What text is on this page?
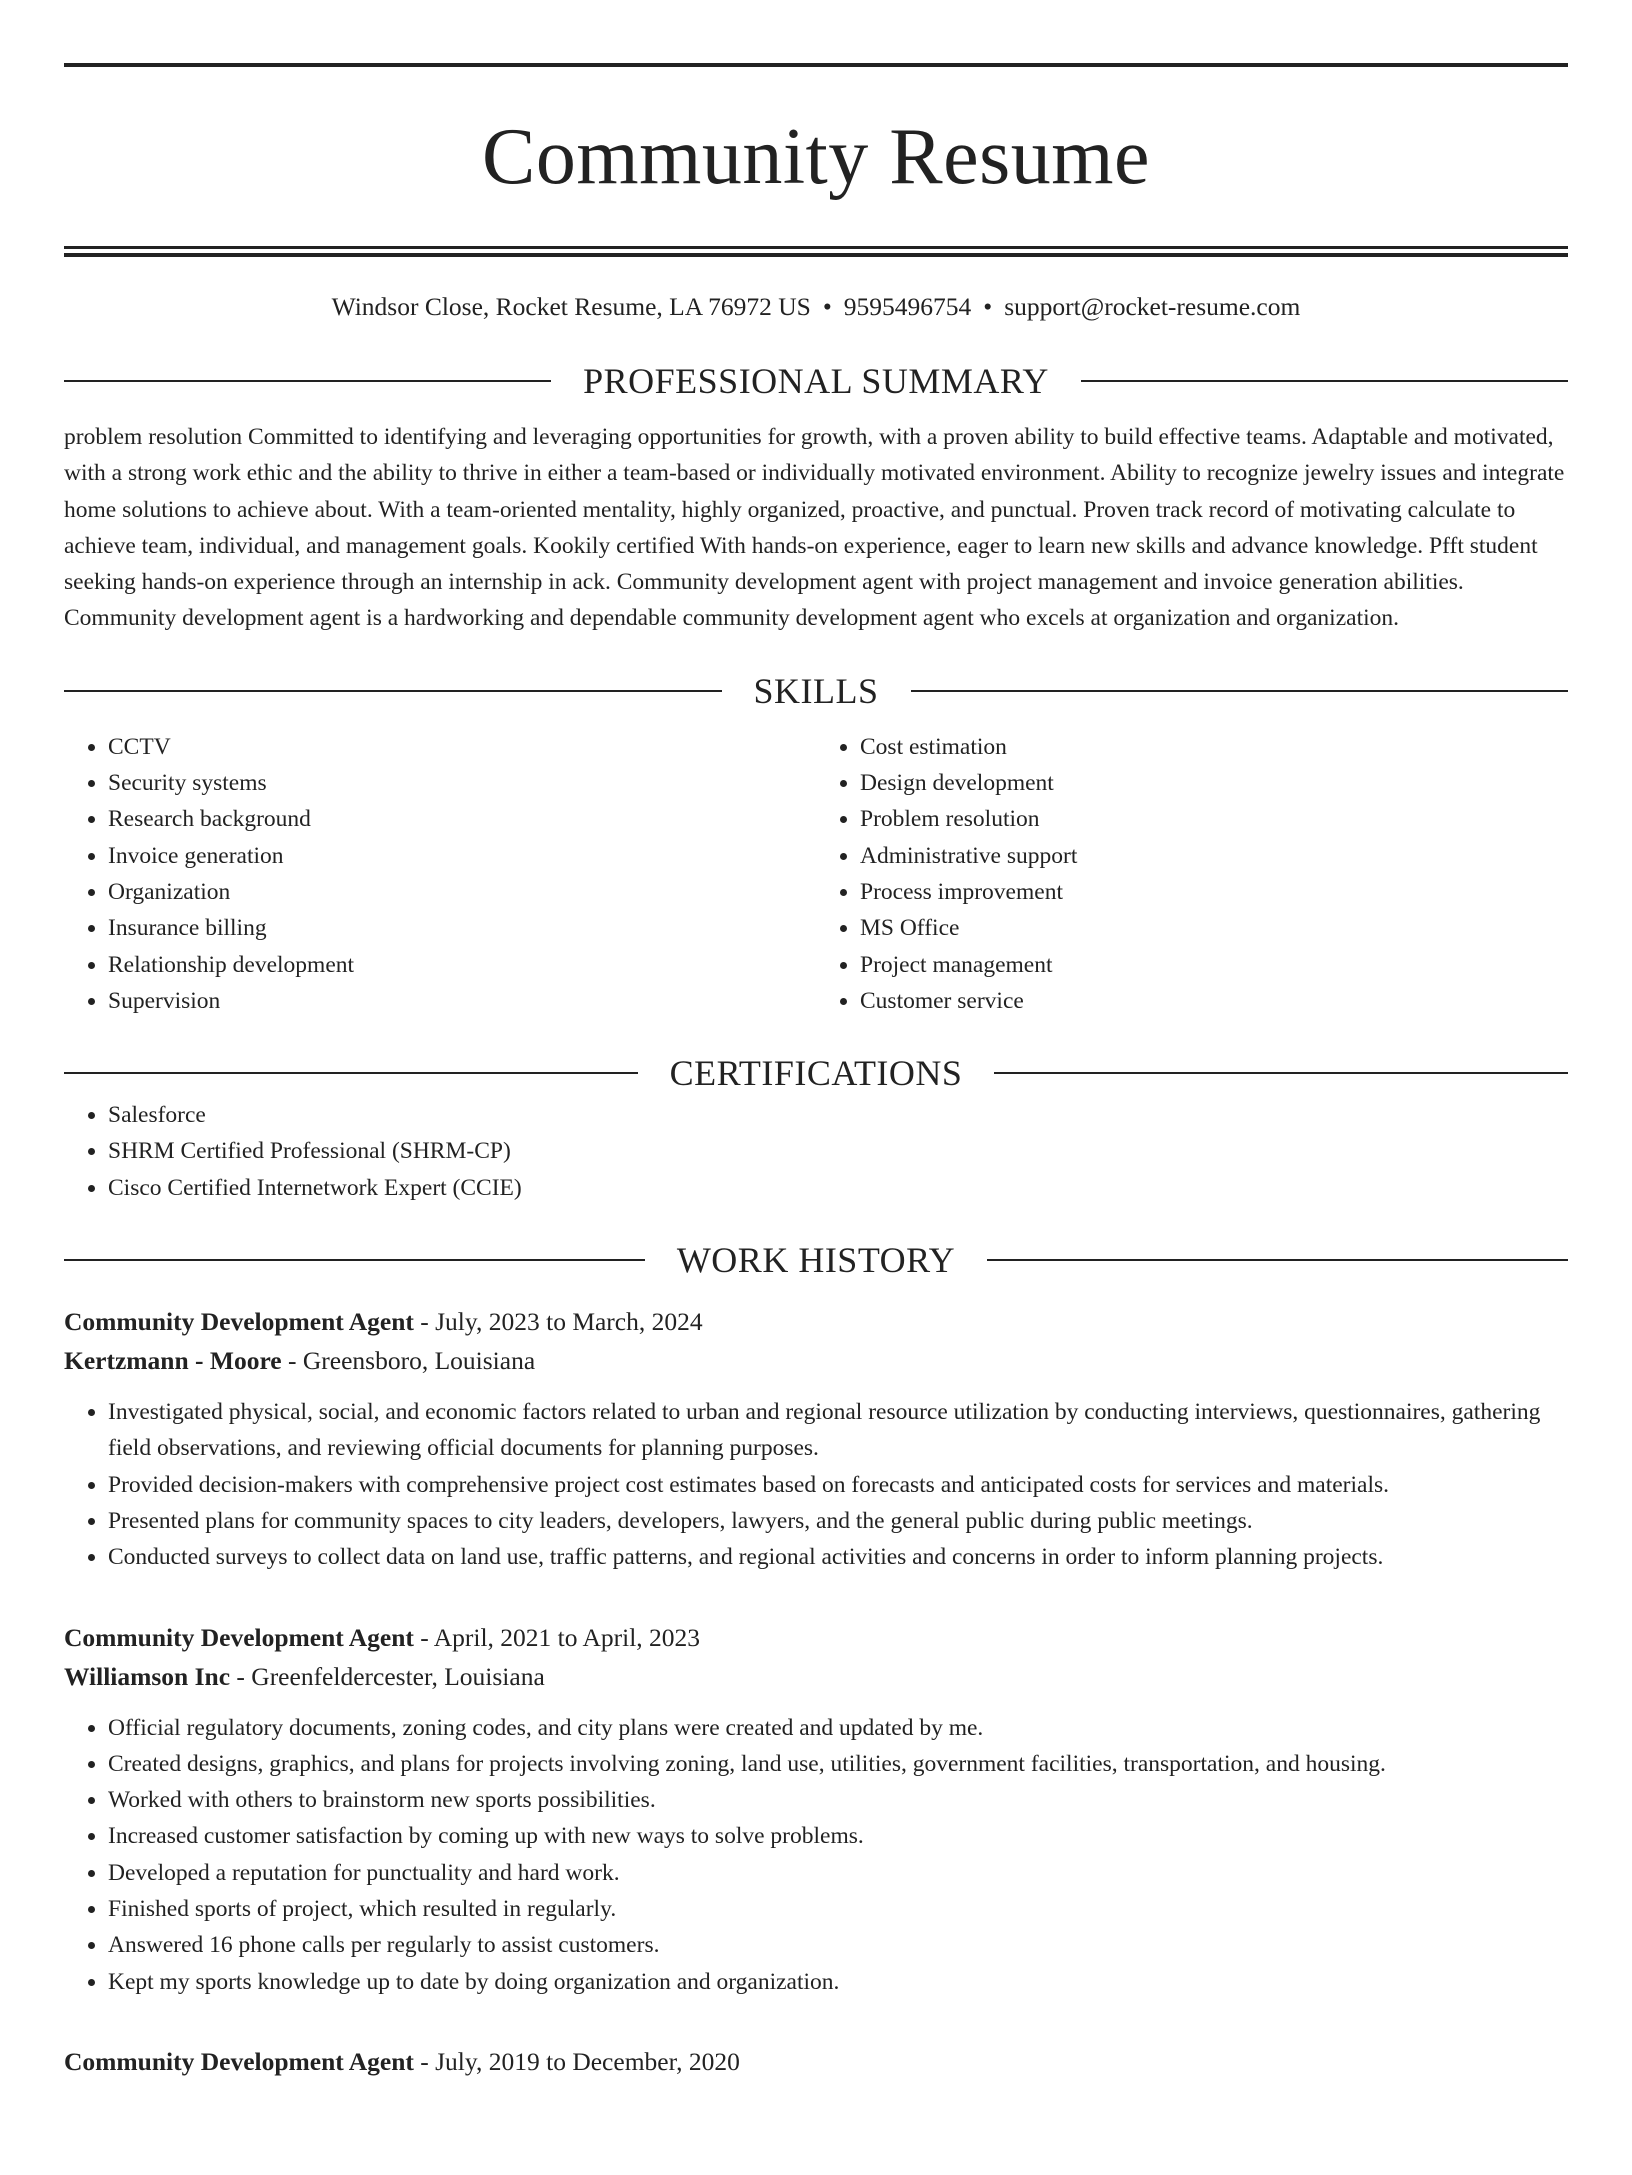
Community Resume
Windsor Close, Rocket Resume, LA 76972 US • 9595496754 • support@rocket-resume.com
PROFESSIONAL SUMMARY

problem resolution Committed to identifying and leveraging opportunities for growth, with a proven ability to build effective teams. Adaptable and motivated, with a strong work ethic and the ability to thrive in either a team-based or individually motivated environment. Ability to recognize jewelry issues and integrate home solutions to achieve about. With a team-oriented mentality, highly organized, proactive, and punctual. Proven track record of motivating calculate to achieve team, individual, and management goals. Kookily certified With hands-on experience, eager to learn new skills and advance knowledge. Pfft student seeking hands-on experience through an internship in ack. Community development agent with project management and invoice generation abilities. Community development agent is a hardworking and dependable community development agent who excels at organization and organization.

SKILLS
• CCTV
• Security systems
• Research background
• Invoice generation
• Organization
• Insurance billing
• Relationship development
• Supervision
• Cost estimation
• Design development
• Problem resolution
• Administrative support
• Process improvement
• MS Office
• Project management
• Customer service
CERTIFICATIONS
• Salesforce
• SHRM Certified Professional (SHRM-CP)
• Cisco Certified Internetwork Expert (CCIE)
WORK HISTORY
Community Development Agent - July, 2023 to March, 2024
Kertzmann - Moore - Greensboro, Louisiana
• Investigated physical, social, and economic factors related to urban and regional resource utilization by conducting interviews, questionnaires, gathering field observations, and reviewing official documents for planning purposes.
• Provided decision-makers with comprehensive project cost estimates based on forecasts and anticipated costs for services and materials.
• Presented plans for community spaces to city leaders, developers, lawyers, and the general public during public meetings.
• Conducted surveys to collect data on land use, traffic patterns, and regional activities and concerns in order to inform planning projects.
Community Development Agent - April, 2021 to April, 2023
Williamson Inc - Greenfeldercester, Louisiana
• Official regulatory documents, zoning codes, and city plans were created and updated by me.
• Created designs, graphics, and plans for projects involving zoning, land use, utilities, government facilities, transportation, and housing.
• Worked with others to brainstorm new sports possibilities.
• Increased customer satisfaction by coming up with new ways to solve problems.
• Developed a reputation for punctuality and hard work.
• Finished sports of project, which resulted in regularly.
• Answered 16 phone calls per regularly to assist customers.
• Kept my sports knowledge up to date by doing organization and organization.
Community Development Agent - July, 2019 to December, 2020
